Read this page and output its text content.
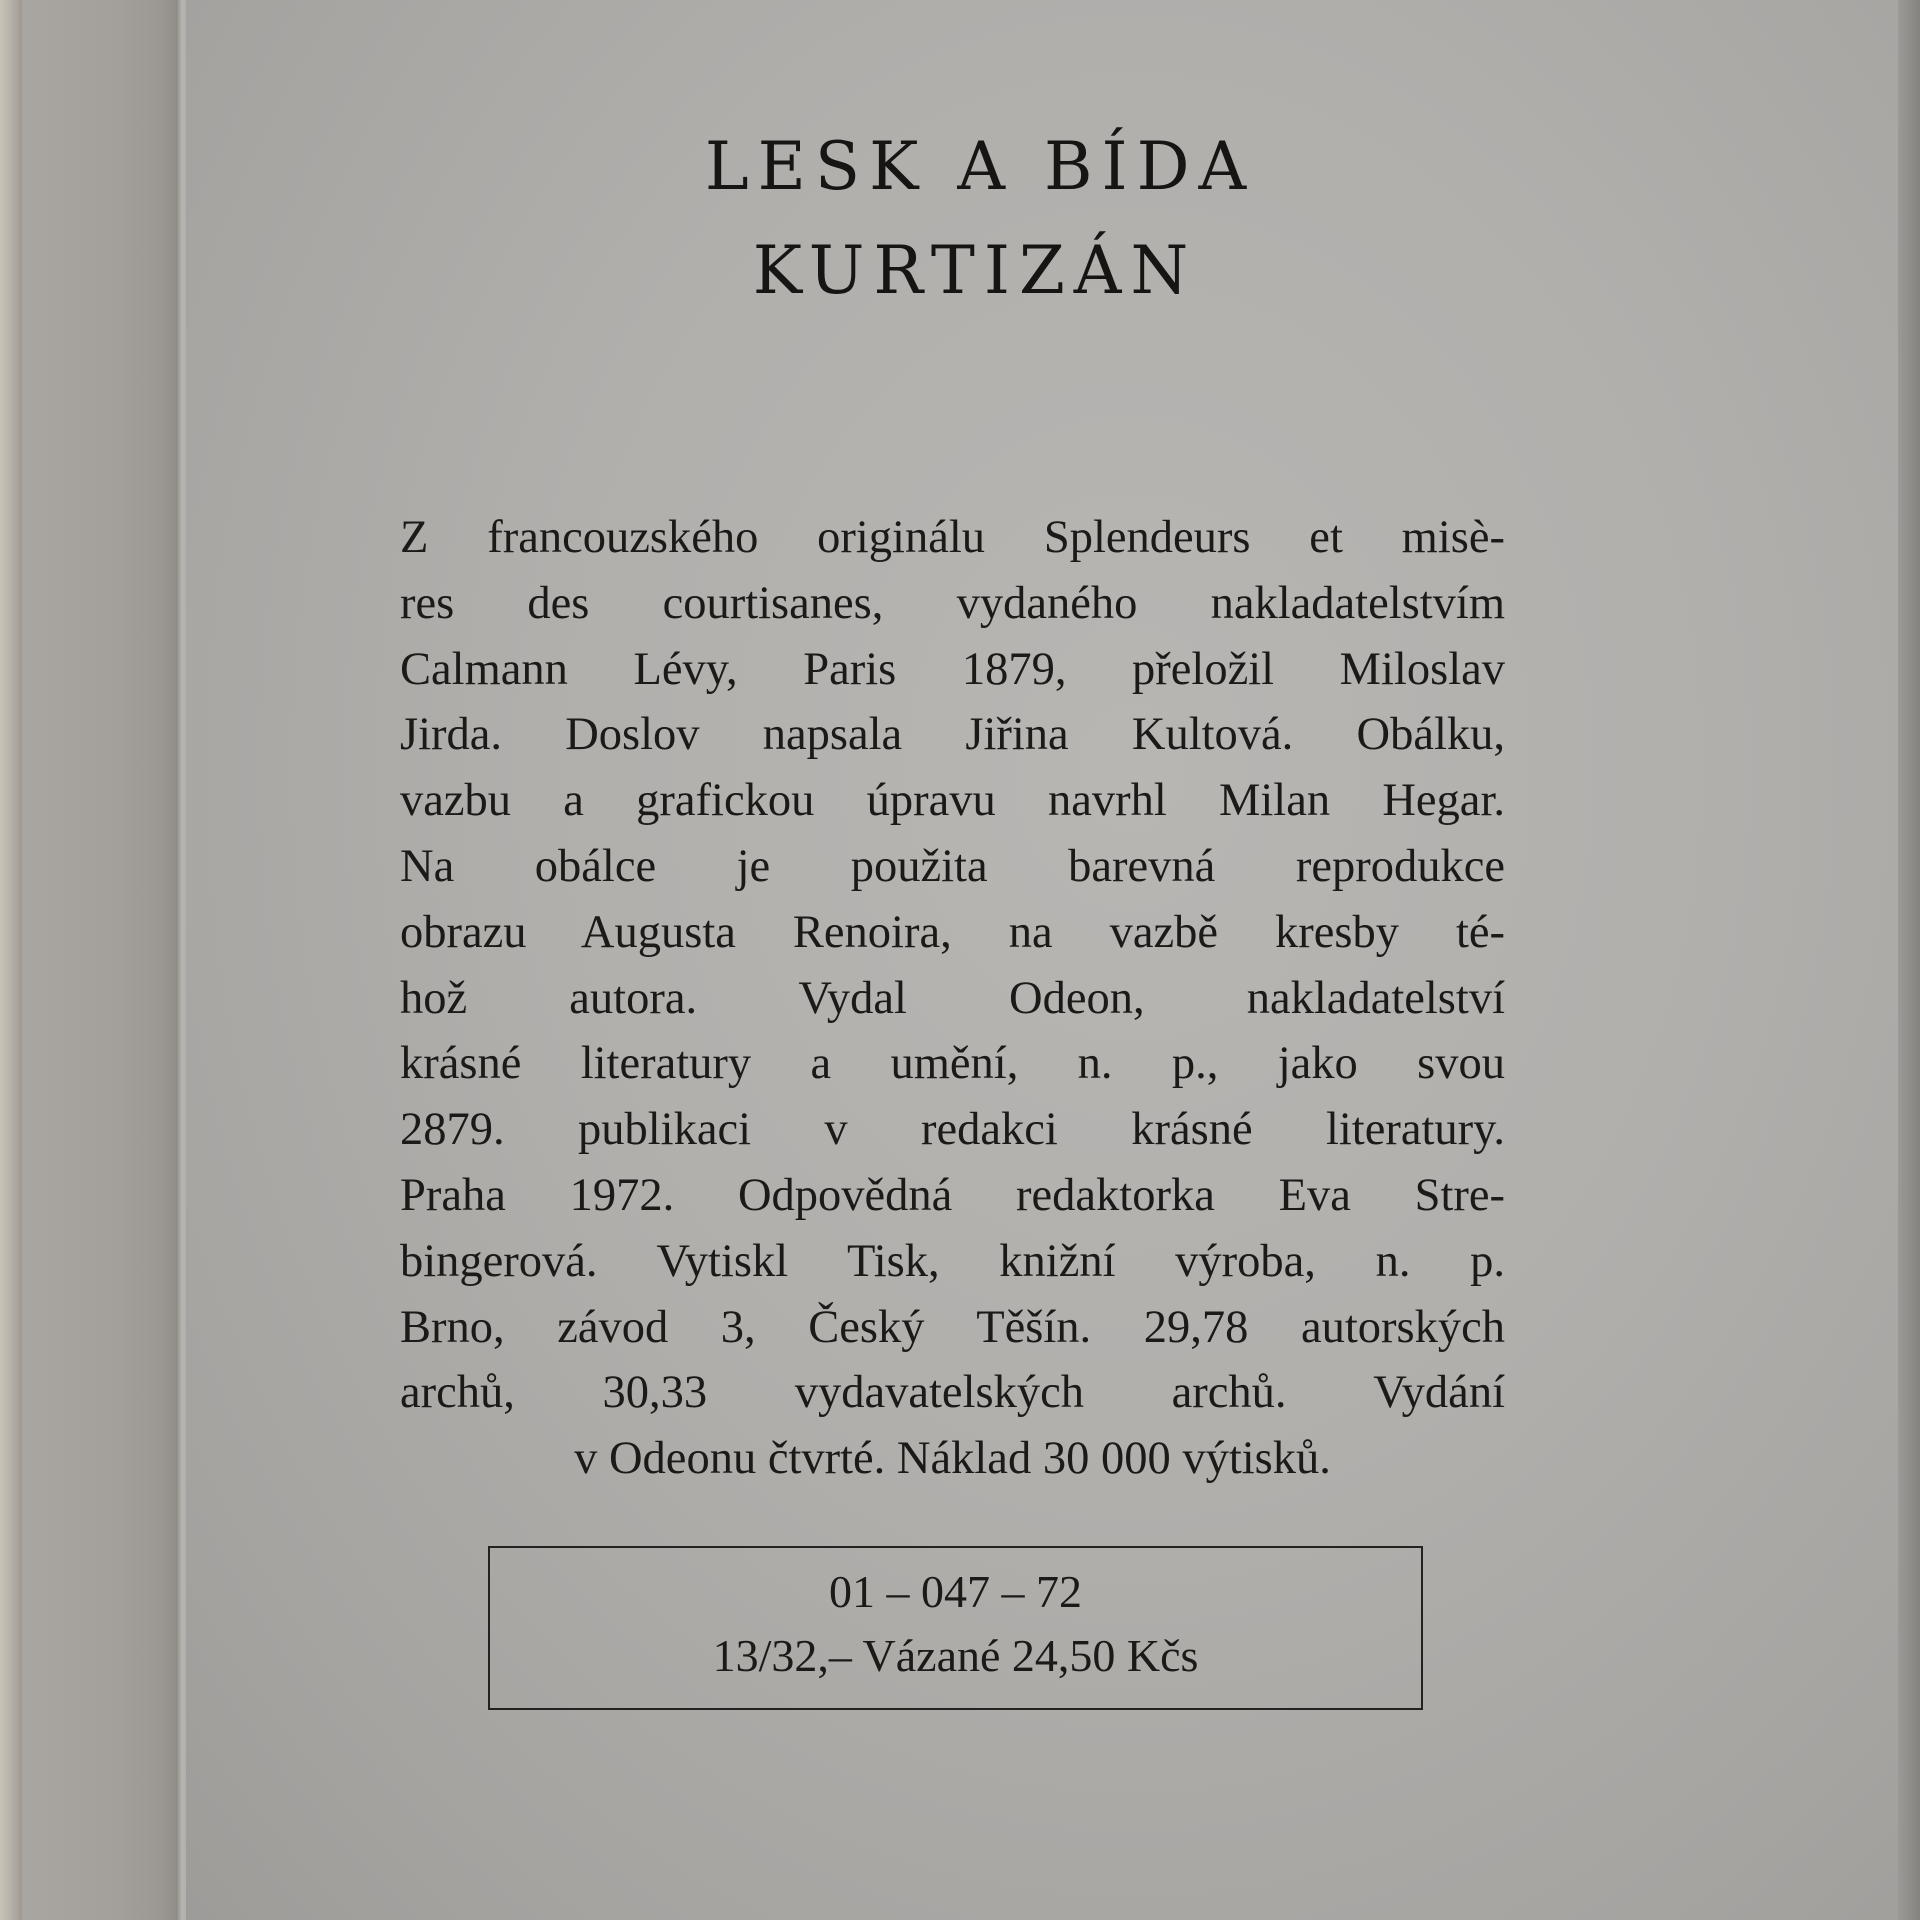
LESK A BÍDA
KURTIZÁN

Z francouzského originálu Splendeurs et misè-
res des courtisanes, vydaného nakladatelstvím
Calmann Lévy, Paris 1879, přeložil Miloslav
Jirda. Doslov napsala Jiřina Kultová. Obálku,
vazbu a grafickou úpravu navrhl Milan Hegar.
Na obálce je použita barevná reprodukce
obrazu Augusta Renoira, na vazbě kresby té-
hož autora. Vydal Odeon, nakladatelství
krásné literatury a umění, n. p., jako svou
2879. publikaci v redakci krásné literatury.
Praha 1972. Odpovědná redaktorka Eva Stre-
bingerová. Vytiskl Tisk, knižní výroba, n. p.
Brno, závod 3, Český Těšín. 29,78 autorských
archů, 30,33 vydavatelských archů. Vydání
v Odeonu čtvrté. Náklad 30 000 výtisků.

01 – 047 – 72
13/32,– Vázané 24,50 Kčs
